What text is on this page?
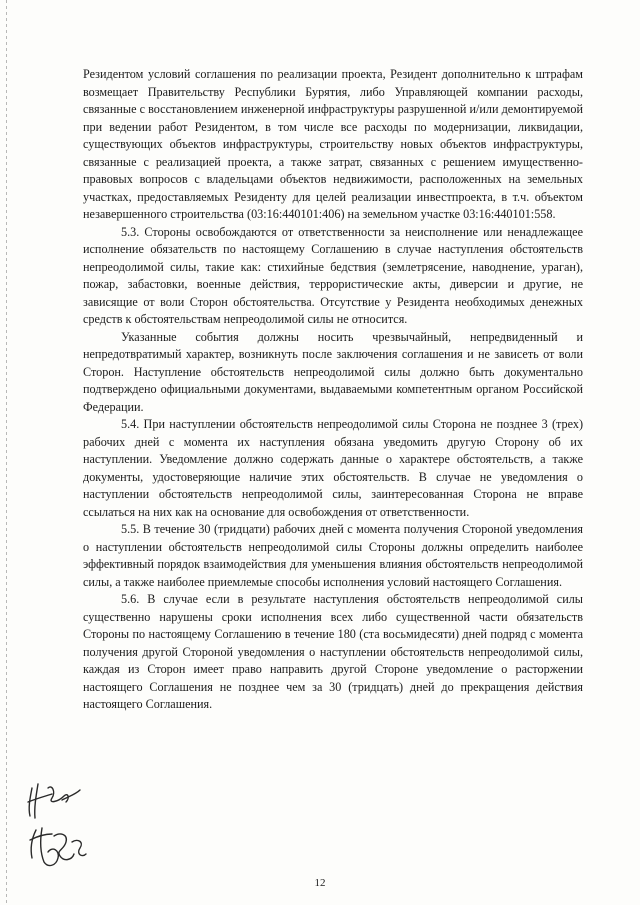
Резидентом условий соглашения по реализации проекта, Резидент дополнительно к штрафам возмещает Правительству Республики Бурятия, либо Управляющей компании расходы, связанные с восстановлением инженерной инфраструктуры разрушенной и/или демонтируемой при ведении работ Резидентом, в том числе все расходы по модернизации, ликвидации, существующих объектов инфраструктуры, строительству новых объектов инфраструктуры, связанные с реализацией проекта, а также затрат, связанных с решением имущественно-правовых вопросов с владельцами объектов недвижимости, расположенных на земельных участках, предоставляемых Резиденту для целей реализации инвестпроекта, в т.ч. объектом незавершенного строительства (03:16:440101:406) на земельном участке 03:16:440101:558.

5.3. Стороны освобождаются от ответственности за неисполнение или ненадлежащее исполнение обязательств по настоящему Соглашению в случае наступления обстоятельств непреодолимой силы, такие как: стихийные бедствия (землетрясение, наводнение, ураган), пожар, забастовки, военные действия, террористические акты, диверсии и другие, не зависящие от воли Сторон обстоятельства. Отсутствие у Резидента необходимых денежных средств к обстоятельствам непреодолимой силы не относится.

Указанные события должны носить чрезвычайный, непредвиденный и непредотвратимый характер, возникнуть после заключения соглашения и не зависеть от воли Сторон. Наступление обстоятельств непреодолимой силы должно быть документально подтверждено официальными документами, выдаваемыми компетентным органом Российской Федерации.

5.4. При наступлении обстоятельств непреодолимой силы Сторона не позднее 3 (трех) рабочих дней с момента их наступления обязана уведомить другую Сторону об их наступлении. Уведомление должно содержать данные о характере обстоятельств, а также документы, удостоверяющие наличие этих обстоятельств. В случае не уведомления о наступлении обстоятельств непреодолимой силы, заинтересованная Сторона не вправе ссылаться на них как на основание для освобождения от ответственности.

5.5. В течение 30 (тридцати) рабочих дней с момента получения Стороной уведомления о наступлении обстоятельств непреодолимой силы Стороны должны определить наиболее эффективный порядок взаимодействия для уменьшения влияния обстоятельств непреодолимой силы, а также наиболее приемлемые способы исполнения условий настоящего Соглашения.

5.6. В случае если в результате наступления обстоятельств непреодолимой силы существенно нарушены сроки исполнения всех либо существенной части обязательств Стороны по настоящему Соглашению в течение 180 (ста восьмидесяти) дней подряд с момента получения другой Стороной уведомления о наступлении обстоятельств непреодолимой силы, каждая из Сторон имеет право направить другой Стороне уведомление о расторжении настоящего Соглашения не позднее чем за 30 (тридцать) дней до прекращения действия настоящего Соглашения.

12
